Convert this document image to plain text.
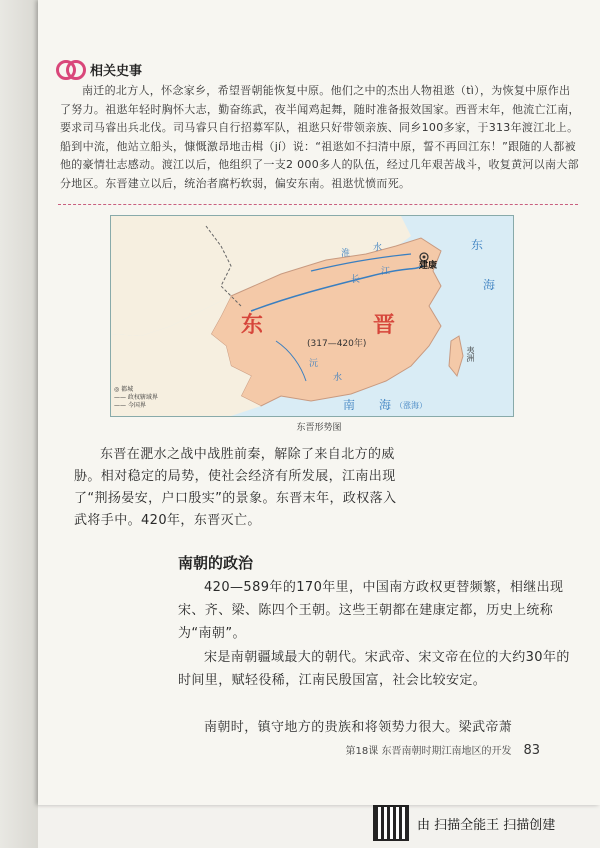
相关史事
南迁的北方人，怀念家乡，希望晋朝能恢复中原。他们之中的杰出人物祖逖（tì），为恢复中原作出了努力。祖逖年轻时胸怀大志，勤奋练武，夜半闻鸡起舞，随时准备报效国家。西晋末年，他流亡江南，要求司马睿出兵北伐。司马睿只自行招募军队，祖逖只好带领亲族、同乡100多家，于313年渡江北上。船到中流，他站立船头，慷慨激昂地击楫（jí）说：“祖逖如不扫清中原，誓不再回江东！”跟随的人都被他的豪情壮志感动。渡江以后，他组织了一支2 000多人的队伍，经过几年艰苦战斗，收复黄河以南大部分地区。东晋建立以后，统治者腐朽软弱，偏安东南。祖逖忧愤而死。
东	晋
(317—420年)
建康
东
海
南 海 （涨海）
夷洲
淮
水
长
江
沅
水
◎ 都城
—— 政权辖域界
—— 今国界
东晋形势图
东晋在淝水之战中战胜前秦，解除了来自北方的威胁。相对稳定的局势，使社会经济有所发展，江南出现了“荆扬晏安，户口殷实”的景象。东晋末年，政权落入武将手中。420年，东晋灭亡。
南朝的政治
420—589年的170年里，中国南方政权更替频繁，相继出现宋、齐、梁、陈四个王朝。这些王朝都在建康定都，历史上统称为“南朝”。
宋是南朝疆域最大的朝代。宋武帝、宋文帝在位的大约30年的时间里，赋轻役稀，江南民殷国富，社会比较安定。
南朝时，镇守地方的贵族和将领势力很大。梁武帝萧
第18课 东晋南朝时期江南地区的开发 83
由 扫描全能王 扫描创建
